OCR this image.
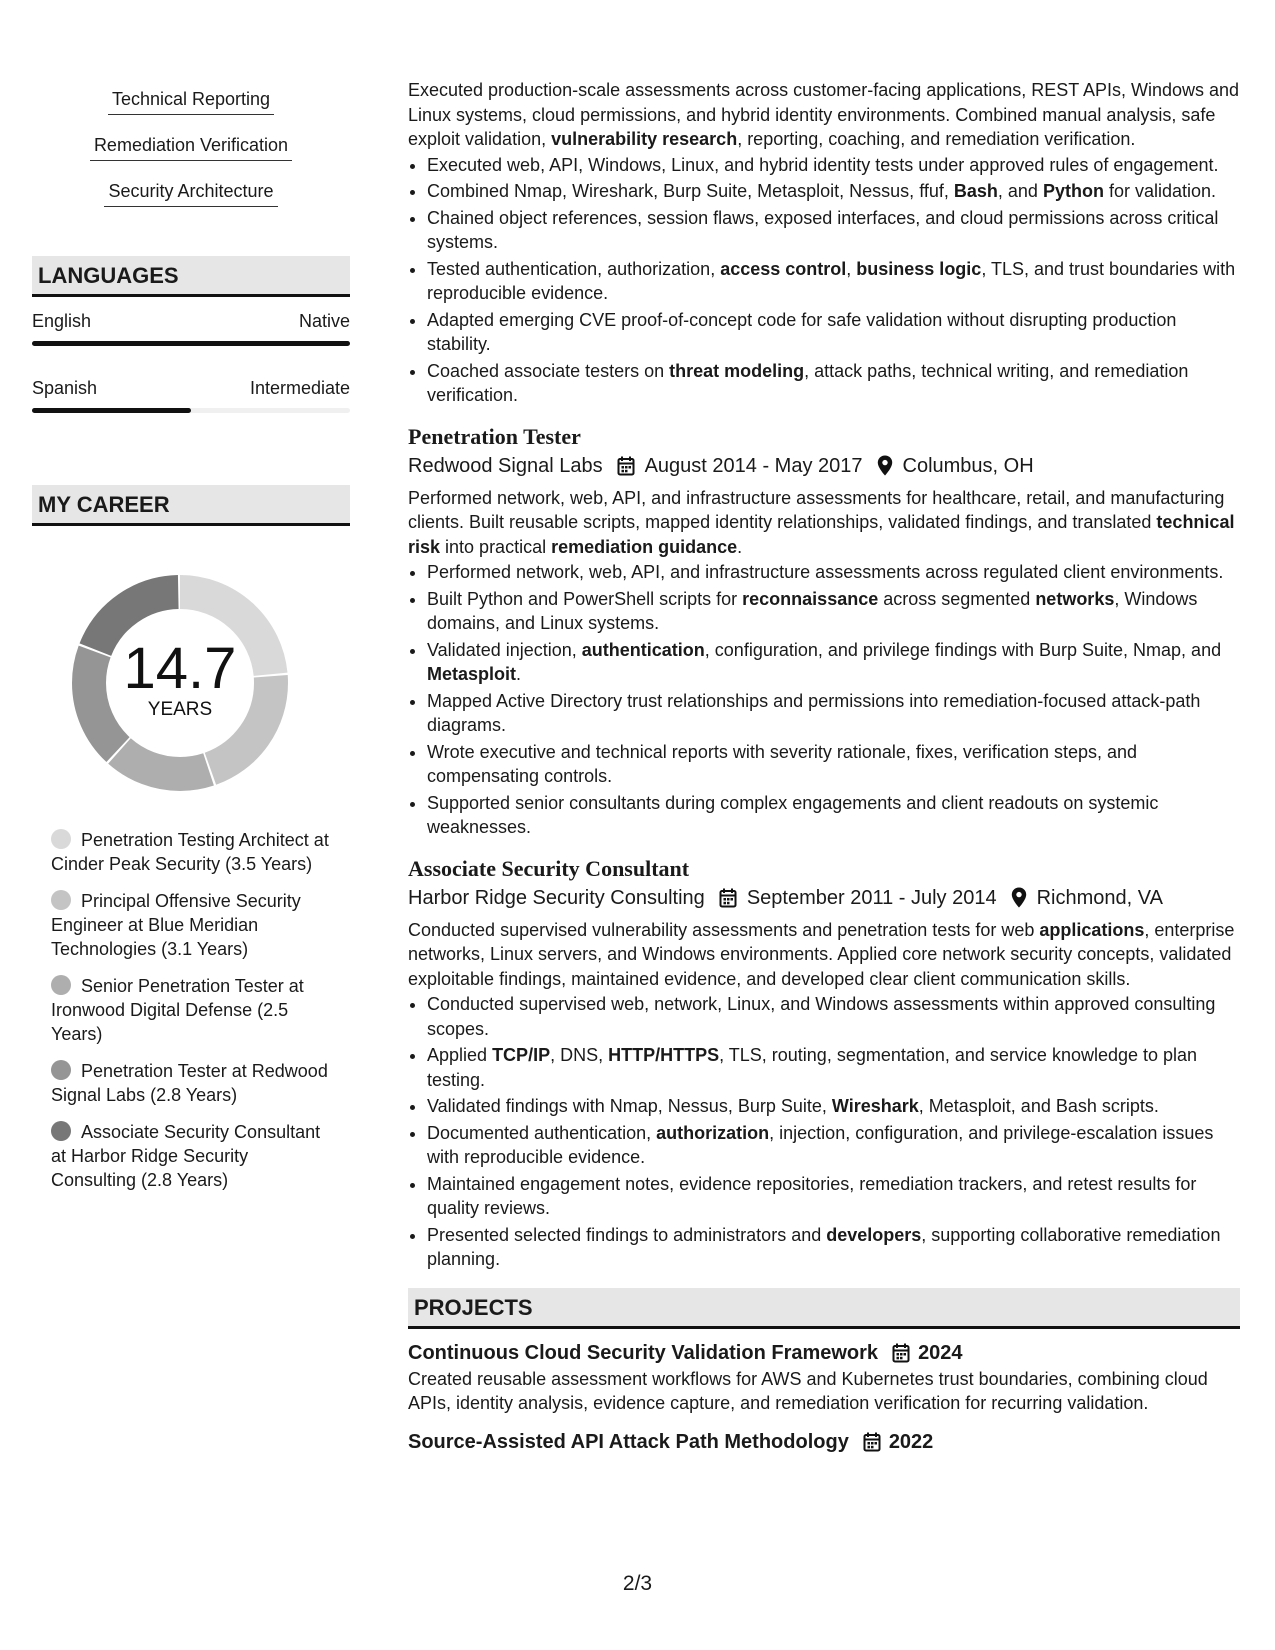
Technical Reporting
Remediation Verification
Security Architecture
LANGUAGES
English	Native
Spanish	Intermediate
MY CAREER
14.7
YEARS
Penetration Testing Architect at Cinder Peak Security (3.5 Years)
Principal Offensive Security Engineer at Blue Meridian Technologies (3.1 Years)
Senior Penetration Tester at Ironwood Digital Defense (2.5 Years)
Penetration Tester at Redwood Signal Labs (2.8 Years)
Associate Security Consultant at Harbor Ridge Security Consulting (2.8 Years)

Executed production-scale assessments across customer-facing applications, REST APIs, Windows and Linux systems, cloud permissions, and hybrid identity environments. Combined manual analysis, safe exploit validation, vulnerability research, reporting, coaching, and remediation verification.

• Executed web, API, Windows, Linux, and hybrid identity tests under approved rules of engagement.
• Combined Nmap, Wireshark, Burp Suite, Metasploit, Nessus, ffuf, Bash, and Python for validation.
• Chained object references, session flaws, exposed interfaces, and cloud permissions across critical systems.
• Tested authentication, authorization, access control, business logic, TLS, and trust boundaries with reproducible evidence.
• Adapted emerging CVE proof-of-concept code for safe validation without disrupting production stability.
• Coached associate testers on threat modeling, attack paths, technical writing, and remediation verification.
Penetration Tester
Redwood Signal Labs August 2014 - May 2017 Columbus, OH

Performed network, web, API, and infrastructure assessments for healthcare, retail, and manufacturing clients. Built reusable scripts, mapped identity relationships, validated findings, and translated technical risk into practical remediation guidance.

• Performed network, web, API, and infrastructure assessments across regulated client environments.
• Built Python and PowerShell scripts for reconnaissance across segmented networks, Windows domains, and Linux systems.
• Validated injection, authentication, configuration, and privilege findings with Burp Suite, Nmap, and Metasploit.
• Mapped Active Directory trust relationships and permissions into remediation-focused attack-path diagrams.
• Wrote executive and technical reports with severity rationale, fixes, verification steps, and compensating controls.
• Supported senior consultants during complex engagements and client readouts on systemic weaknesses.
Associate Security Consultant
Harbor Ridge Security Consulting September 2011 - July 2014 Richmond, VA

Conducted supervised vulnerability assessments and penetration tests for web applications, enterprise networks, Linux servers, and Windows environments. Applied core network security concepts, validated exploitable findings, maintained evidence, and developed clear client communication skills.

• Conducted supervised web, network, Linux, and Windows assessments within approved consulting scopes.
• Applied TCP/IP, DNS, HTTP/HTTPS, TLS, routing, segmentation, and service knowledge to plan testing.
• Validated findings with Nmap, Nessus, Burp Suite, Wireshark, Metasploit, and Bash scripts.
• Documented authentication, authorization, injection, configuration, and privilege-escalation issues with reproducible evidence.
• Maintained engagement notes, evidence repositories, remediation trackers, and retest results for quality reviews.
• Presented selected findings to administrators and developers, supporting collaborative remediation planning.
PROJECTS
Continuous Cloud Security Validation Framework 2024

Created reusable assessment workflows for AWS and Kubernetes trust boundaries, combining cloud APIs, identity analysis, evidence capture, and remediation verification for recurring validation.

Source-Assisted API Attack Path Methodology 2022
2/3
